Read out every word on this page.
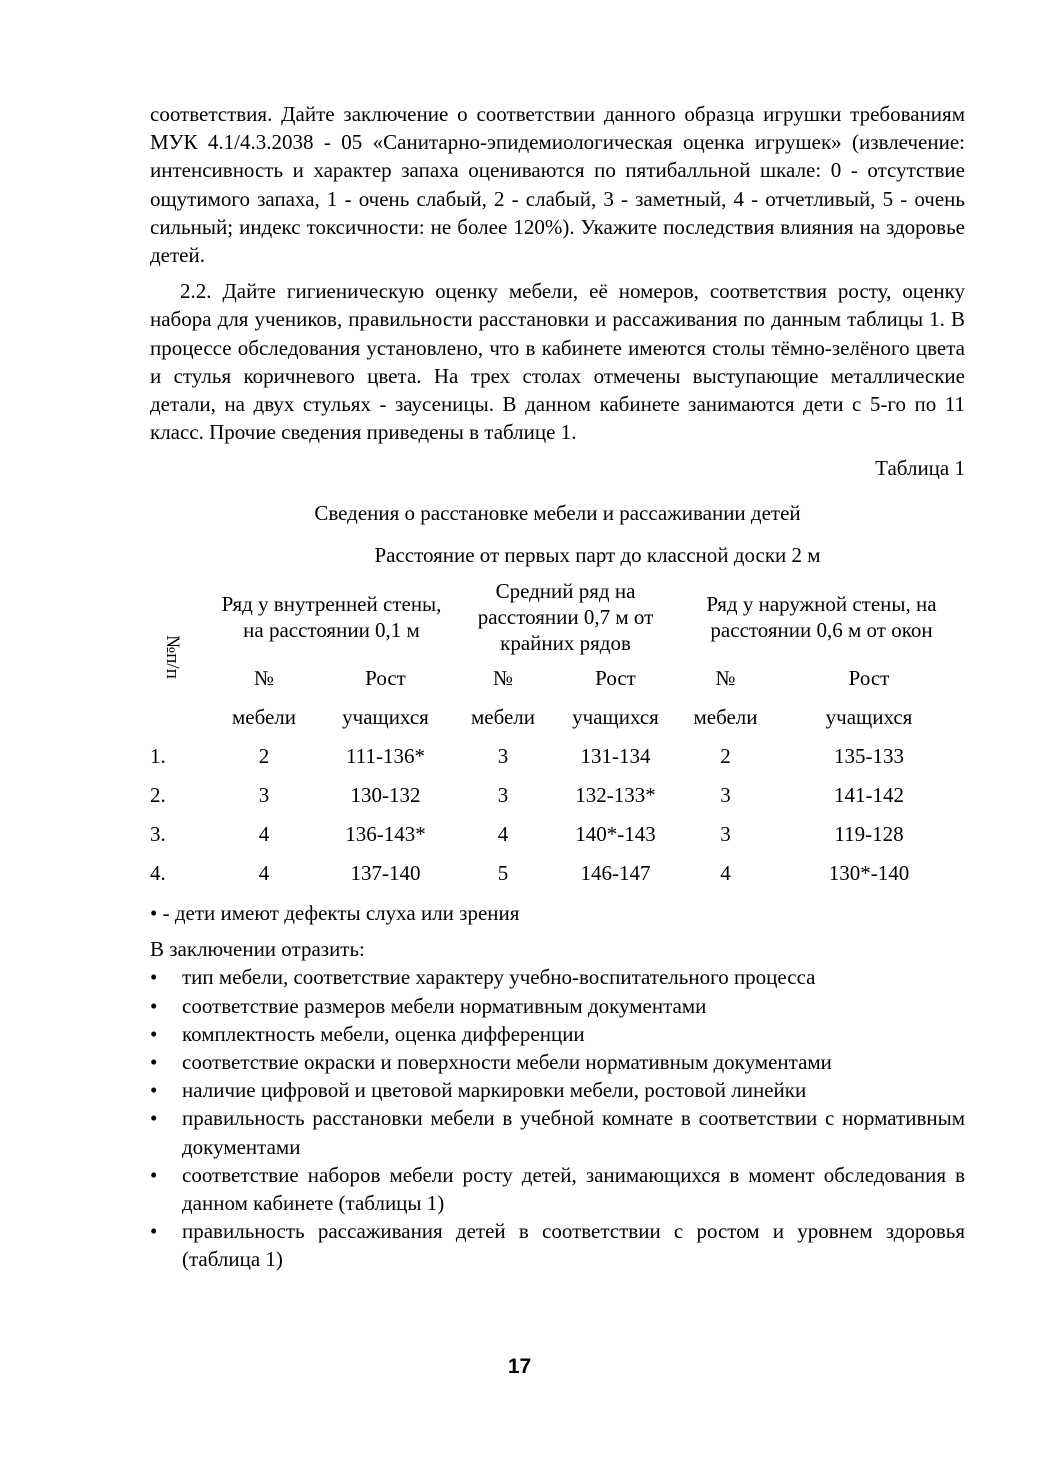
соответствия. Дайте заключение о соответствии данного образца игрушки требованиям МУК 4.1/4.3.2038 - 05 «Санитарно-эпидемиологическая оценка игрушек» (извлечение: интенсивность и характер запаха оцениваются по пятибалльной шкале: 0 - отсутствие ощутимого запаха, 1 - очень слабый, 2 - слабый, 3 - заметный, 4 - отчетливый, 5 - очень сильный; индекс токсичности: не более 120%). Укажите последствия влияния на здоровье детей.

2.2. Дайте гигиеническую оценку мебели, её номеров, соответствия росту, оценку набора для учеников, правильности расстановки и рассаживания по данным таблицы 1. В процессе обследования установлено, что в кабинете имеются столы тёмно-зелёного цвета и стулья коричневого цвета. На трех столах отмечены выступающие металлические детали, на двух стульях - заусеницы. В данном кабинете занимаются дети с 5-го по 11 класс. Прочие сведения приведены в таблице 1.

Таблица 1
Сведения о расстановке мебели и рассаживании детей
Расстояние от первых парт до классной доски 2 м
№п/п	Ряд у внутренней стены, на расстоянии 0,1 м		Средний ряд на расстоянии 0,7 м от крайних рядов		Ряд у наружной стены, на расстоянии 0,6 м от окон	
	№	Рост	№	Рост	№	Рост
	мебели	учащихся	мебели	учащихся	мебели	учащихся
1.	2	111-136*	3	131-134	2	135-133
2.	3	130-132	3	132-133*	3	141-142
3.	4	136-143*	4	140*-143	3	119-128
4.	4	137-140	5	146-147	4	130*-140
• - дети имеют дефекты слуха или зрения
В заключении отразить:
• тип мебели, соответствие характеру учебно-воспитательного процесса
• соответствие размеров мебели нормативным документами
• комплектность мебели, оценка дифференции
• соответствие окраски и поверхности мебели нормативным документами
• наличие цифровой и цветовой маркировки мебели, ростовой линейки
• правильность расстановки мебели в учебной комнате в соответствии с нормативным документами
• соответствие наборов мебели росту детей, занимающихся в момент обследования в данном кабинете (таблицы 1)
• правильность рассаживания детей в соответствии с ростом и уровнем здоровья (таблица 1)
17
